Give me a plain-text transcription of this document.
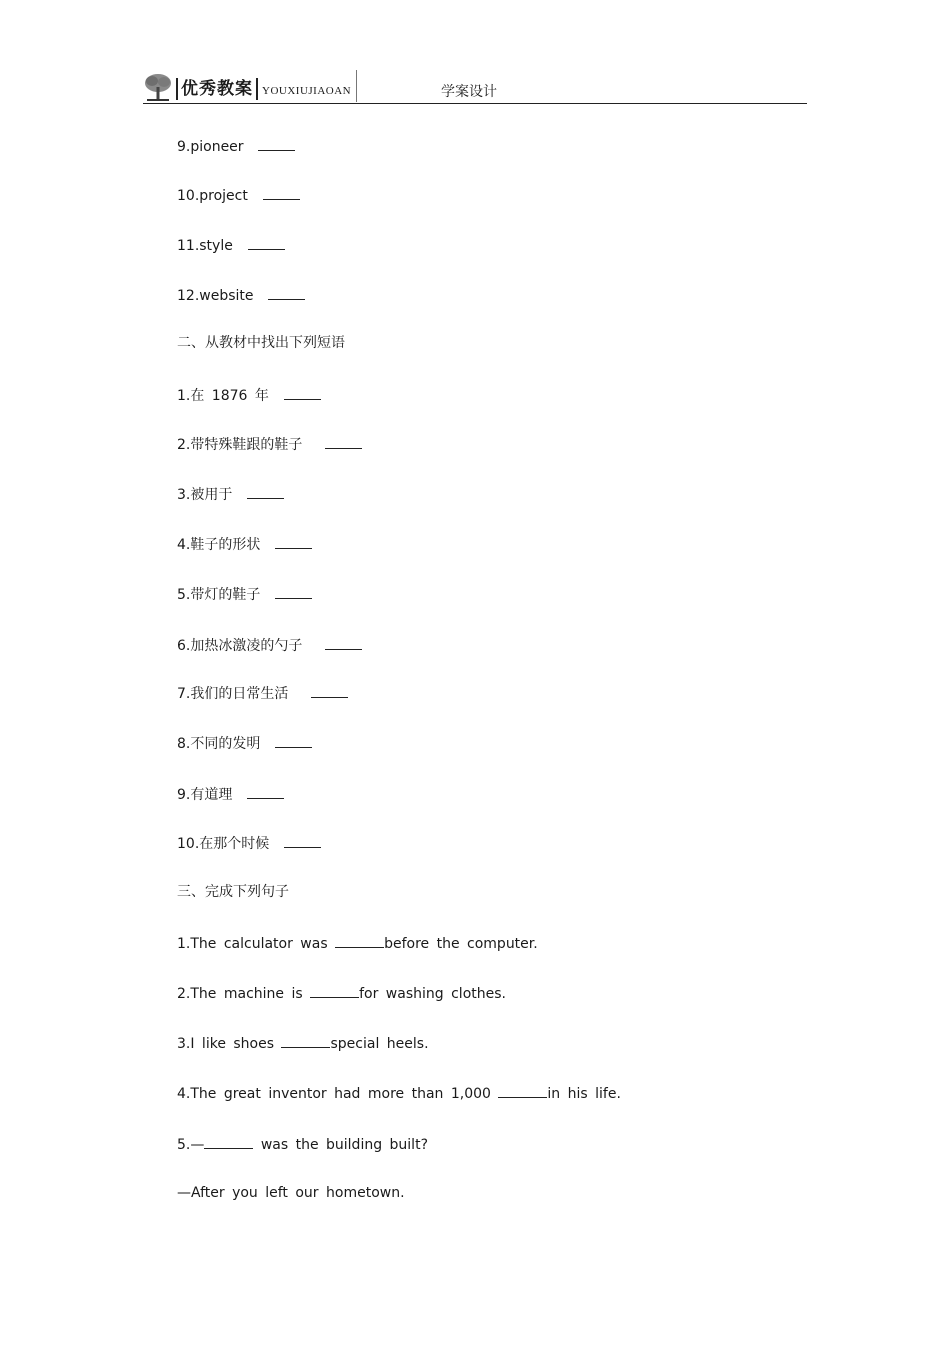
优秀教案 YOUXIUJIAOAN	学案设计
9.pioneer
10.project
11.style
12.website
二、从教材中找出下列短语
1.在 1876 年
2.带特殊鞋跟的鞋子
3.被用于
4.鞋子的形状
5.带灯的鞋子
6.加热冰激凌的勺子
7.我们的日常生活
8.不同的发明
9.有道理
10.在那个时候
三、完成下列句子
1.The calculator was	before the computer.
2.The machine is	for washing clothes.
3.I like shoes	special heels.
4.The great inventor had more than 1,000	in his life.
5.—	was the building built?
—After you left our hometown.
